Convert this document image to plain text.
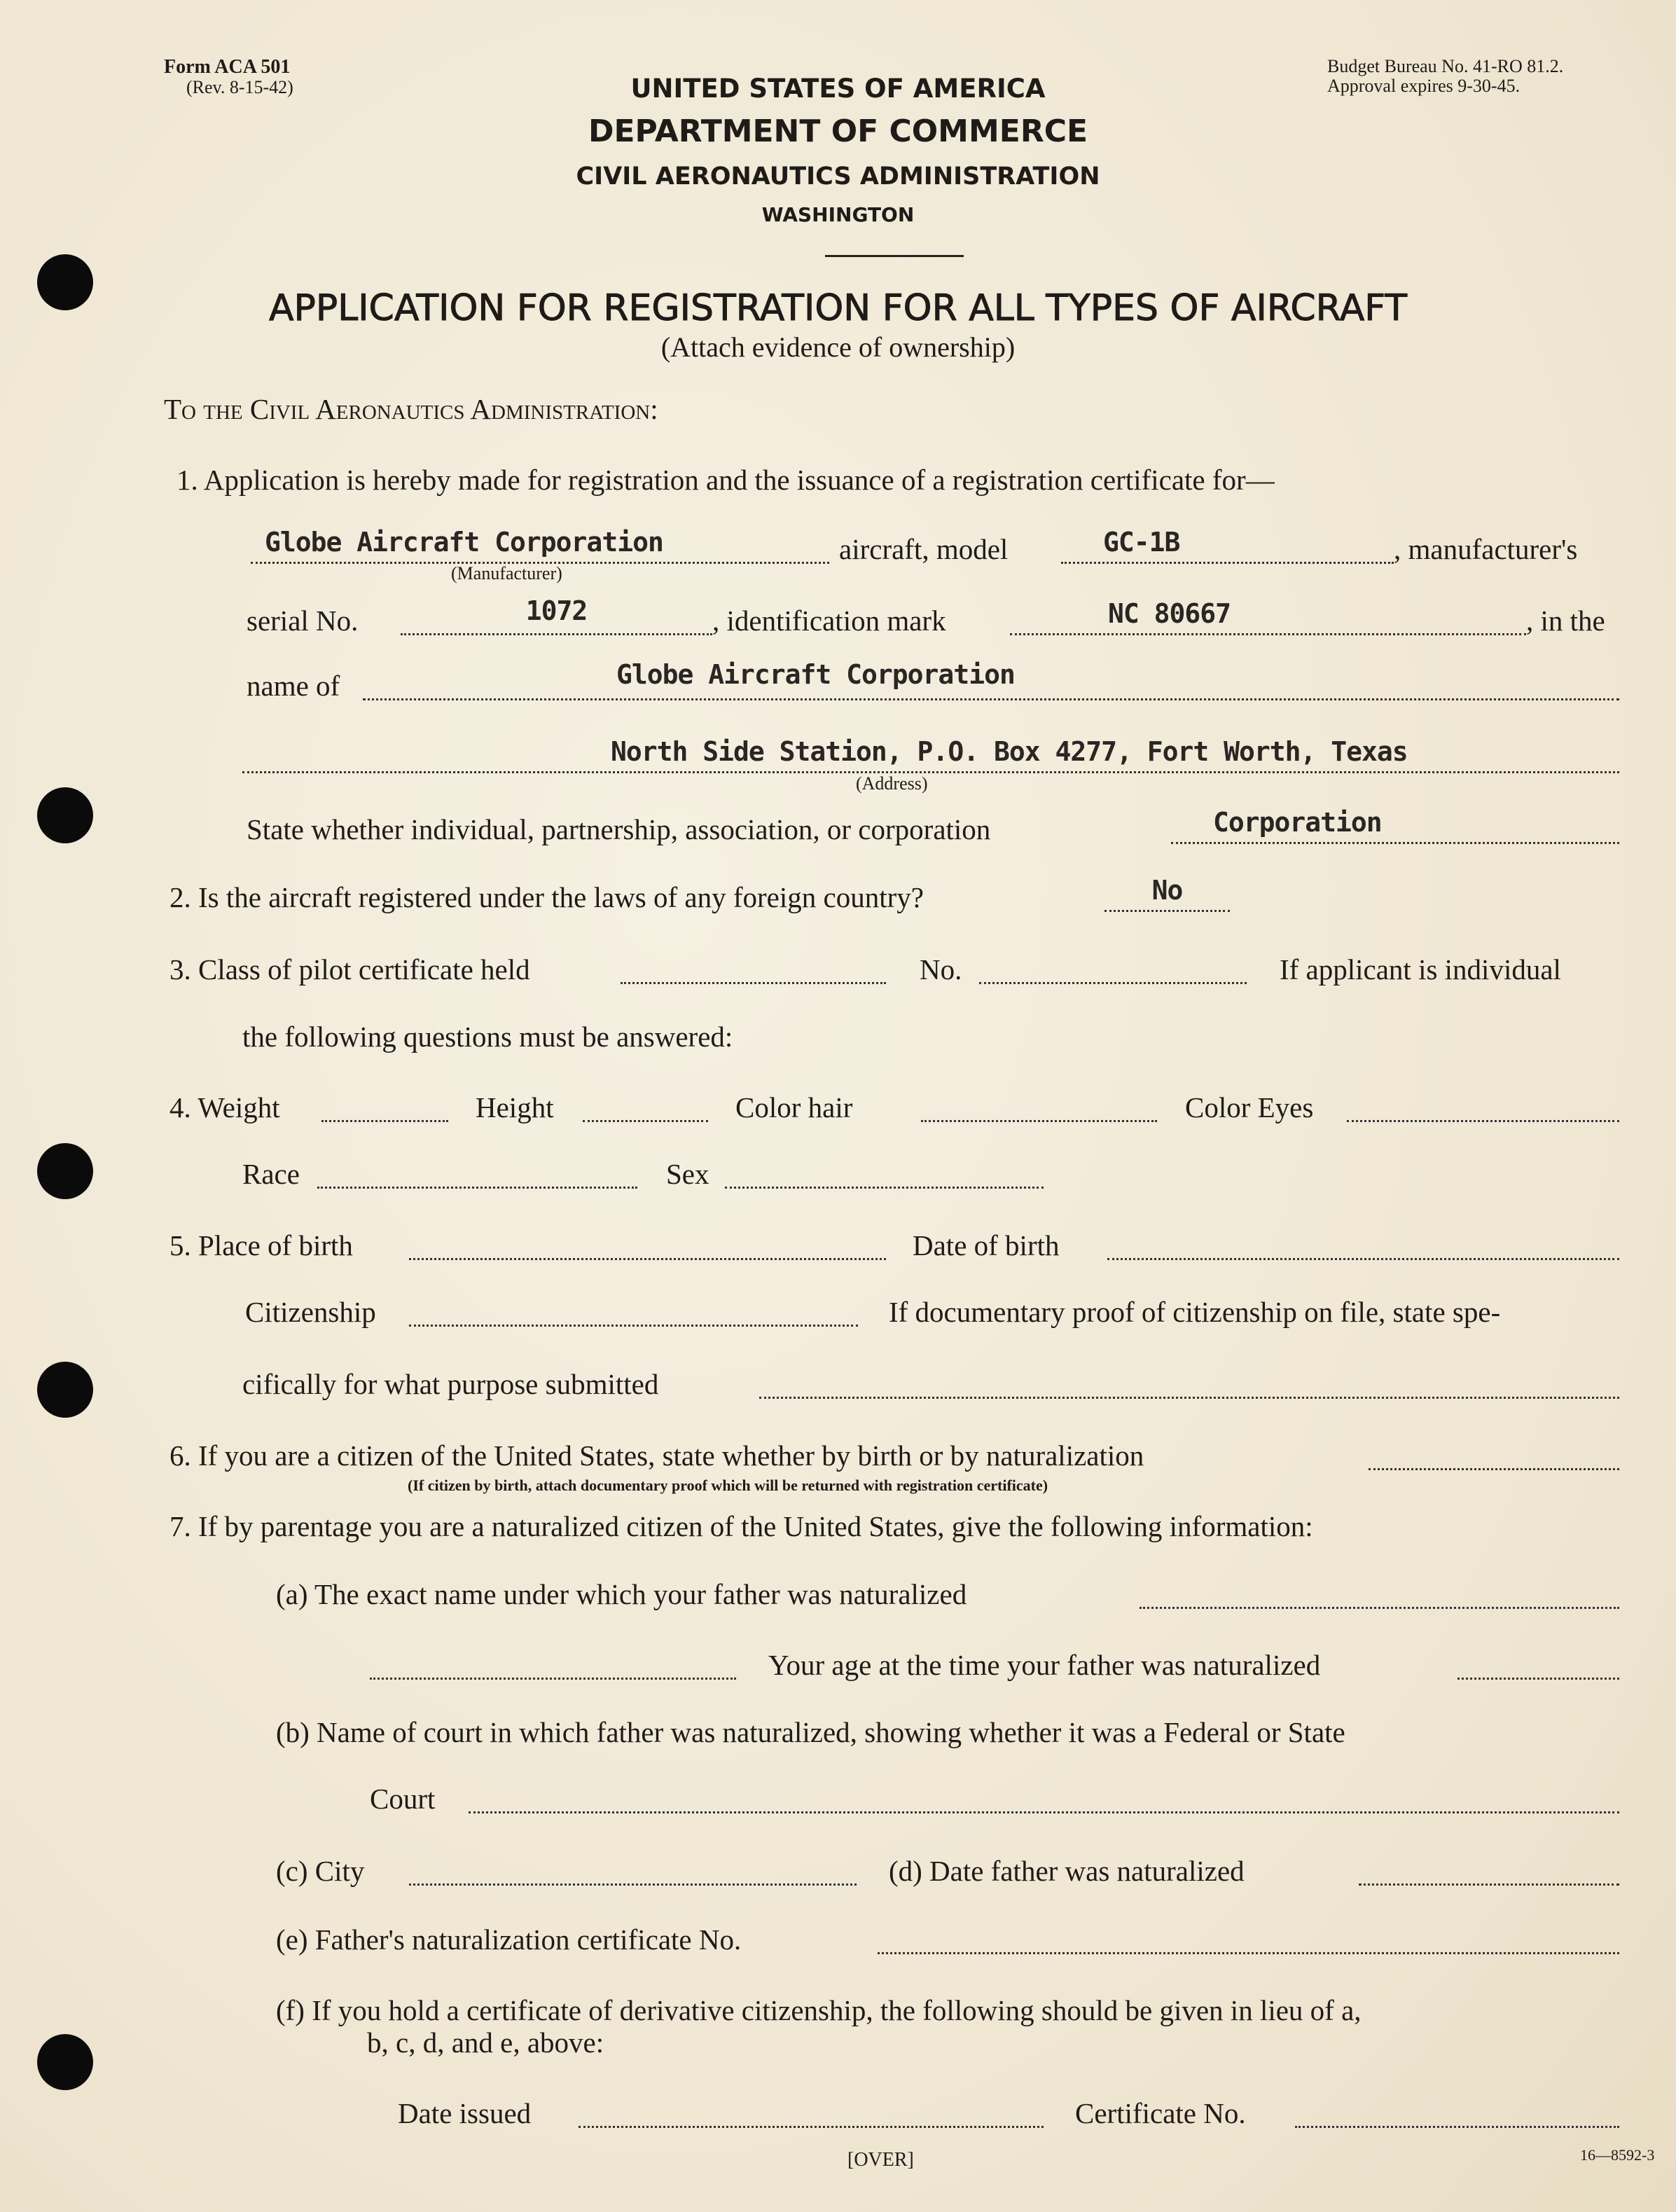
Form ACA 501
(Rev. 8-15-42)
Budget Bureau No. 41-RO 81.2.
Approval expires 9-30-45.
UNITED STATES OF AMERICA
DEPARTMENT OF COMMERCE
CIVIL AERONAUTICS ADMINISTRATION
WASHINGTON
APPLICATION FOR REGISTRATION FOR ALL TYPES OF AIRCRAFT
(Attach evidence of ownership)
To the Civil Aeronautics Administration:
1. Application is hereby made for registration and the issuance of a registration certificate for—
Globe Aircraft Corporation	aircraft, model	GC-1B	, manufacturer's
(Manufacturer)
serial No.	1072	, identification mark	NC 80667	, in the
name of	Globe Aircraft Corporation
North Side Station, P.O. Box 4277, Fort Worth, Texas
(Address)
State whether individual, partnership, association, or corporation	Corporation
2. Is the aircraft registered under the laws of any foreign country?	No
3. Class of pilot certificate held	No.	If applicant is individual
the following questions must be answered:
4. Weight	Height	Color hair	Color Eyes
Race	Sex
5. Place of birth	Date of birth
Citizenship	If documentary proof of citizenship on file, state spe-
cifically for what purpose submitted
6. If you are a citizen of the United States, state whether by birth or by naturalization
(If citizen by birth, attach documentary proof which will be returned with registration certificate)
7. If by parentage you are a naturalized citizen of the United States, give the following information:
(a) The exact name under which your father was naturalized
Your age at the time your father was naturalized
(b) Name of court in which father was naturalized, showing whether it was a Federal or State
Court
(c) City	(d) Date father was naturalized
(e) Father's naturalization certificate No.
(f) If you hold a certificate of derivative citizenship, the following should be given in lieu of a,
b, c, d, and e, above:
Date issued	Certificate No.
[OVER]	16—8592-3
